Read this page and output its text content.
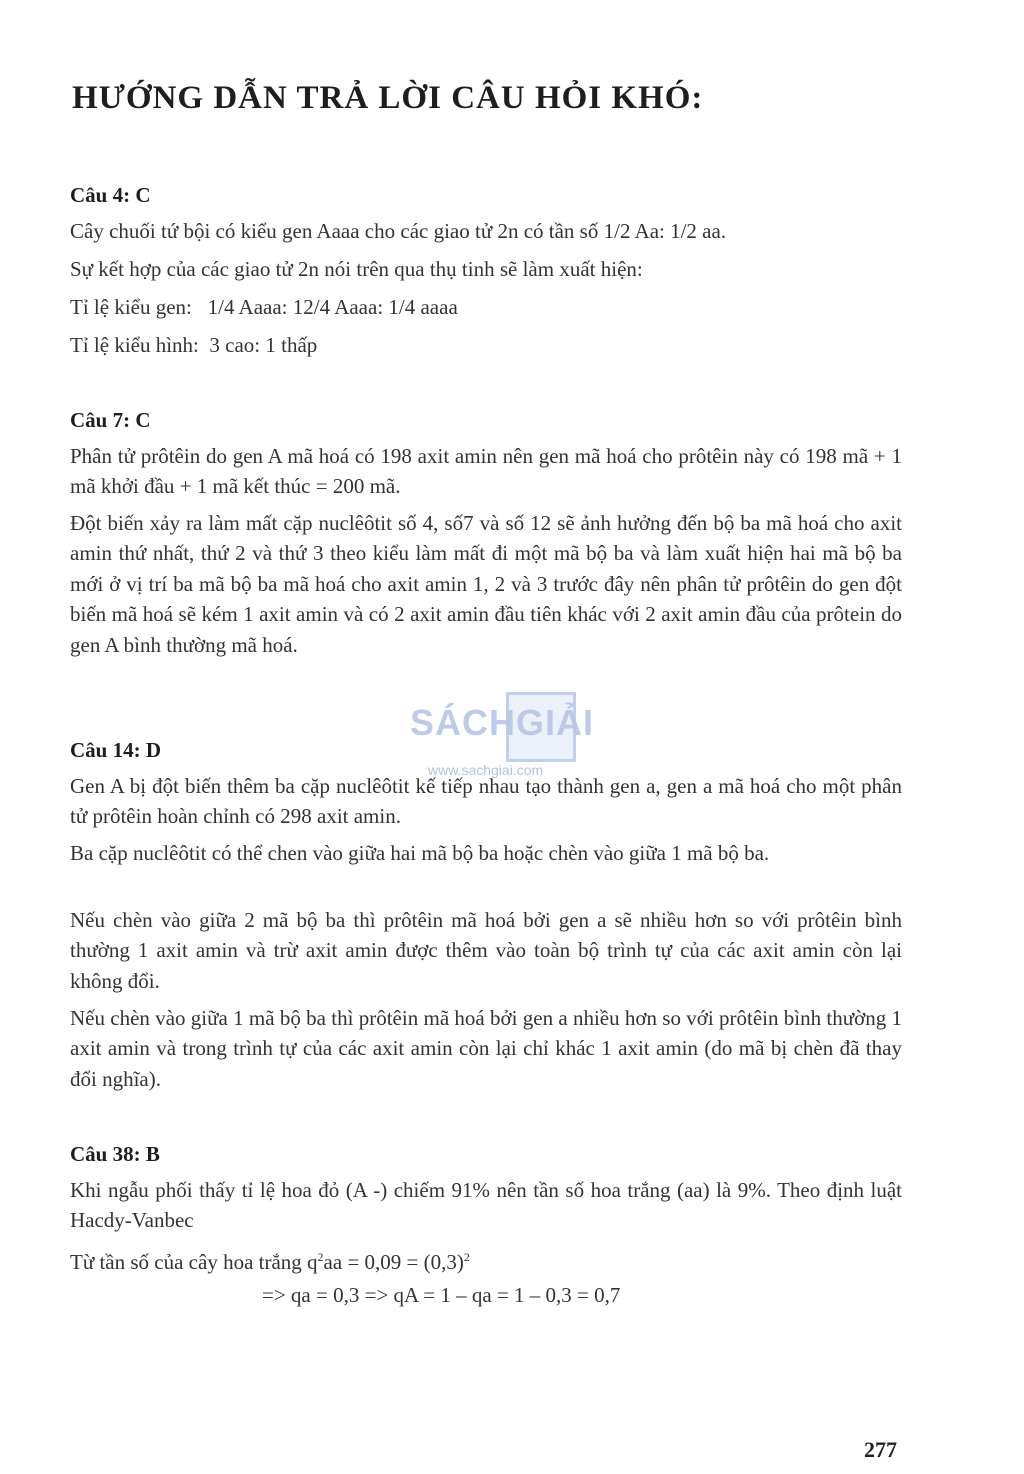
HƯỚNG DẪN TRẢ LỜI CÂU HỎI KHÓ:
Câu 4: C
Cây chuối tứ bội có kiểu gen Aaaa cho các giao tử 2n có tần số 1/2 Aa: 1/2 aa.
Sự kết hợp của các giao tử 2n nói trên qua thụ tinh sẽ làm xuất hiện:
Tỉ lệ kiểu gen:   1/4 Aaaa: 12/4 Aaaa: 1/4 aaaa
Tỉ lệ kiểu hình:  3 cao: 1 thấp
Câu 7: C
Phân tử prôtêin do gen A mã hoá có 198 axit amin nên gen mã hoá cho prôtêin này có 198 mã + 1 mã khởi đầu + 1 mã kết thúc = 200 mã.
Đột biến xảy ra làm mất cặp nuclêôtit số 4, số7 và số 12 sẽ ảnh hưởng đến bộ ba mã hoá cho axit amin thứ nhất, thứ 2 và thứ 3 theo kiểu làm mất đi một mã bộ ba và làm xuất hiện hai mã bộ ba mới ở vị trí ba mã bộ ba mã hoá cho axit amin 1, 2 và 3 trước đây nên phân tử prôtêin do gen đột biến mã hoá sẽ kém 1 axit amin và có 2 axit amin đầu tiên khác với 2 axit amin đầu của prôtein do gen A bình thường mã hoá.
Câu 14: D
Gen A bị đột biến thêm ba cặp nuclêôtit kế tiếp nhau tạo thành gen a, gen a mã hoá cho một phân tử prôtêin hoàn chỉnh có 298 axit amin.
Ba cặp nuclêôtit có thể chen vào giữa hai mã bộ ba hoặc chèn vào giữa 1 mã bộ ba.
Nếu chèn vào giữa 2 mã bộ ba thì prôtêin mã hoá bởi gen a sẽ nhiều hơn so với prôtêin bình thường 1 axit amin và trừ axit amin được thêm vào toàn bộ trình tự của các axit amin còn lại không đổi.
Nếu chèn vào giữa 1 mã bộ ba thì prôtêin mã hoá bởi gen a nhiều hơn so với prôtêin bình thường 1 axit amin và trong trình tự của các axit amin còn lại chỉ khác 1 axit amin (do mã bị chèn đã thay đổi nghĩa).
Câu 38: B
Khi ngẫu phối thấy tỉ lệ hoa đỏ (A -) chiếm 91% nên tần số hoa trắng (aa) là 9%. Theo định luật Hacdy-Vanbec
Từ tần số của cây hoa trắng $q^2aa = 0,09 = (0,3)^2$
=> qa = 0,3 => qA = 1 – qa = 1 – 0,3 = 0,7
SÁCHGIẢI
www.sachgiai.com
277
